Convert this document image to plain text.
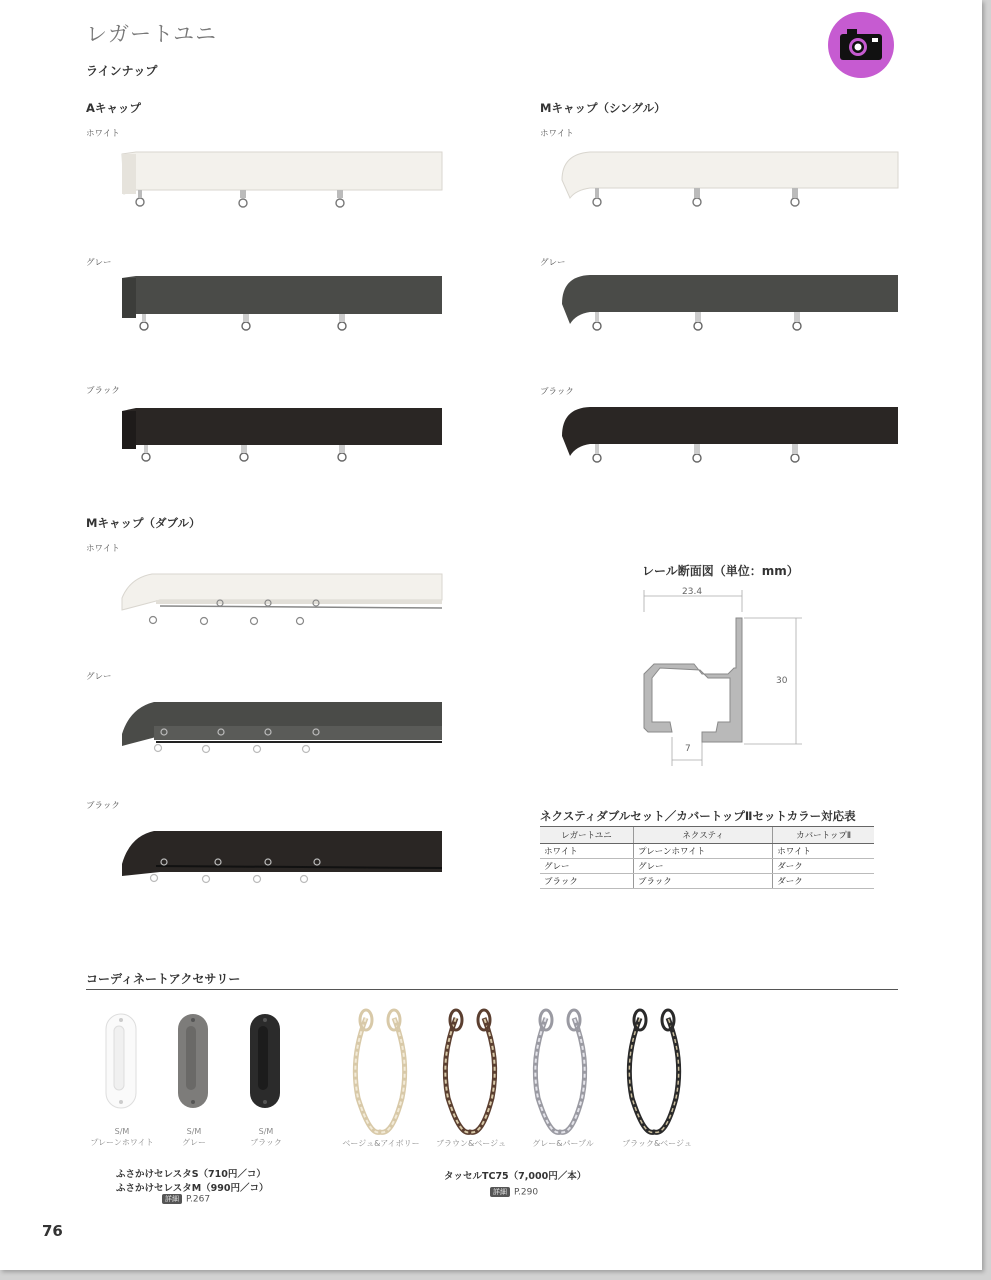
レガートユニ
ラインナップ
Aキャップ
ホワイト
グレー
ブラック
Mキャップ（シングル）
ホワイト
グレー
ブラック
Mキャップ（ダブル）
ホワイト
グレー
ブラック
レール断面図（単位：mm）
23.4
30
7
ネクスティダブルセット／カバートップⅡセットカラー対応表
レガートユニ	ネクスティ	カバートップⅡ
ホワイト	プレーンホワイト	ホワイト
グレー	グレー	ダーク
ブラック	ブラック	ダーク
コーディネートアクセサリー
S/M
プレーンホワイト
S/M
グレー
S/M
ブラック
ふさかけセレスタS（710円／コ）
ふさかけセレスタM（990円／コ）
詳細 P.267
ベージュ&アイボリー	ブラウン&ベージュ	グレー&パープル	ブラック&ベージュ
タッセルTC75（7,000円／本）
詳細 P.290
76
